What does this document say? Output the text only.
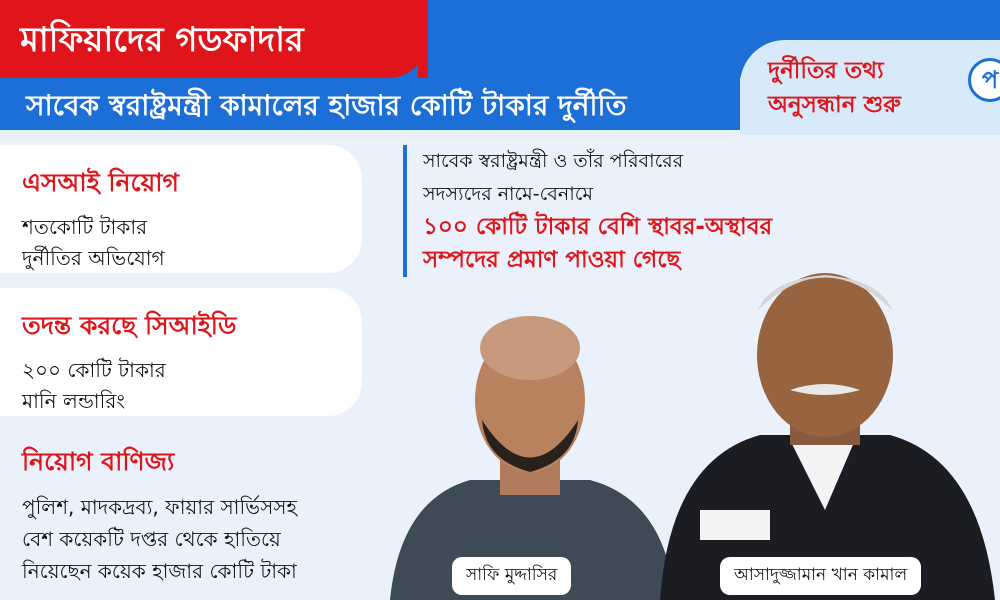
মাফিয়াদের গডফাদার
সাবেক স্বরাষ্ট্রমন্ত্রী কামালের হাজার কোটি টাকার দুর্নীতি
দুর্নীতির তথ্য
অনুসন্ধান শুরু
প
এসআই নিয়োগ
শতকোটি টাকার
দুর্নীতির অভিযোগ
তদন্ত করছে সিআইডি
২০০ কোটি টাকার
মানি লন্ডারিং
নিয়োগ বাণিজ্য
পুলিশ, মাদকদ্রব্য, ফায়ার সার্ভিসসহ
বেশ কয়েকটি দপ্তর থেকে হাতিয়ে
নিয়েছেন কয়েক হাজার কোটি টাকা
সাবেক স্বরাষ্ট্রমন্ত্রী ও তাঁর পরিবারের
সদস্যদের নামে-বেনামে
১০০ কোটি টাকার বেশি স্থাবর-অস্থাবর
সম্পদের প্রমাণ পাওয়া গেছে
সাফি মুদ্দাসির	আসাদুজ্জামান খান কামাল
